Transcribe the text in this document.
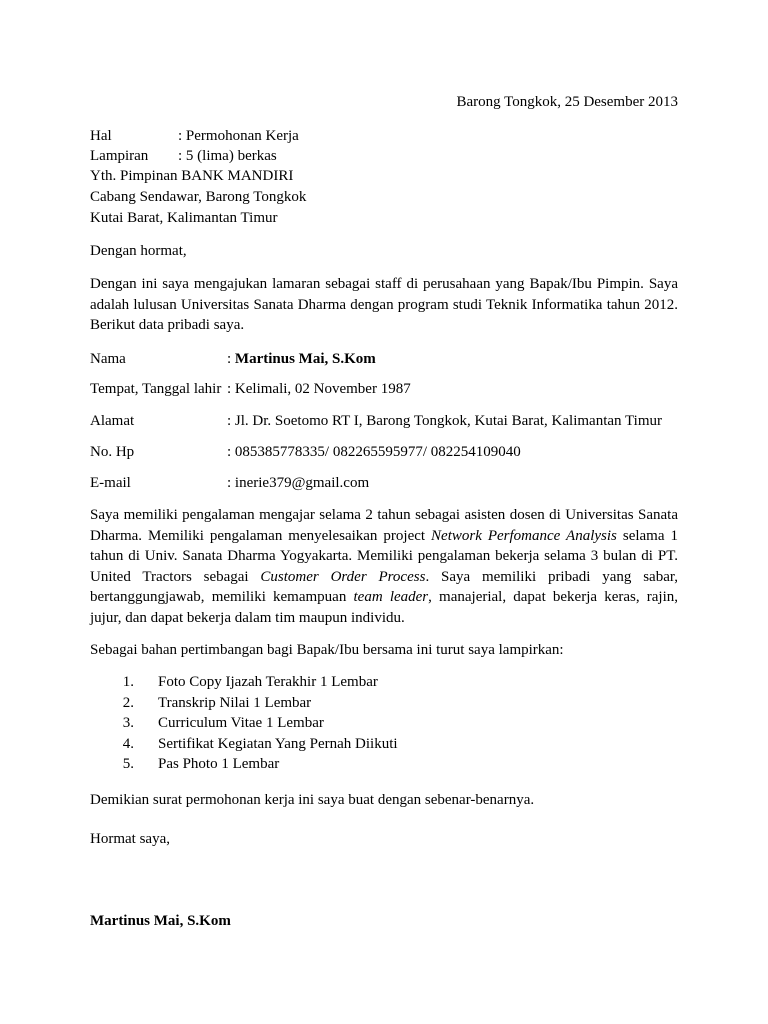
Barong Tongkok, 25 Desember 2013
Hal	: Permohonan Kerja
Lampiran : 5 (lima) berkas
Yth. Pimpinan BANK MANDIRI
Cabang Sendawar, Barong Tongkok
Kutai Barat, Kalimantan Timur
Dengan hormat,
Dengan ini saya mengajukan lamaran sebagai staff di perusahaan yang Bapak/Ibu Pimpin. Saya adalah lulusan Universitas Sanata Dharma dengan program studi Teknik Informatika tahun 2012. Berikut data pribadi saya.
Nama	: Martinus Mai, S.Kom
Tempat, Tanggal lahir : Kelimali, 02 November 1987
Alamat	: Jl. Dr. Soetomo RT I, Barong Tongkok, Kutai Barat, Kalimantan Timur
No. Hp	: 085385778335/ 082265595977/ 082254109040
E-mail	: inerie379@gmail.com
Saya memiliki pengalaman mengajar selama 2 tahun sebagai asisten dosen di Universitas Sanata Dharma. Memiliki pengalaman menyelesaikan project Network Perfomance Analysis selama 1 tahun di Univ. Sanata Dharma Yogyakarta. Memiliki pengalaman bekerja selama 3 bulan di PT. United Tractors sebagai Customer Order Process. Saya memiliki pribadi yang sabar, bertanggungjawab, memiliki kemampuan team leader, manajerial, dapat bekerja keras, rajin, jujur, dan dapat bekerja dalam tim maupun individu.
Sebagai bahan pertimbangan bagi Bapak/Ibu bersama ini turut saya lampirkan:
1. Foto Copy Ijazah Terakhir 1 Lembar
2. Transkrip Nilai 1 Lembar
3. Curriculum Vitae 1 Lembar
4. Sertifikat Kegiatan Yang Pernah Diikuti
5. Pas Photo 1 Lembar
Demikian surat permohonan kerja ini saya buat dengan sebenar-benarnya.
Hormat saya,
Martinus Mai, S.Kom
